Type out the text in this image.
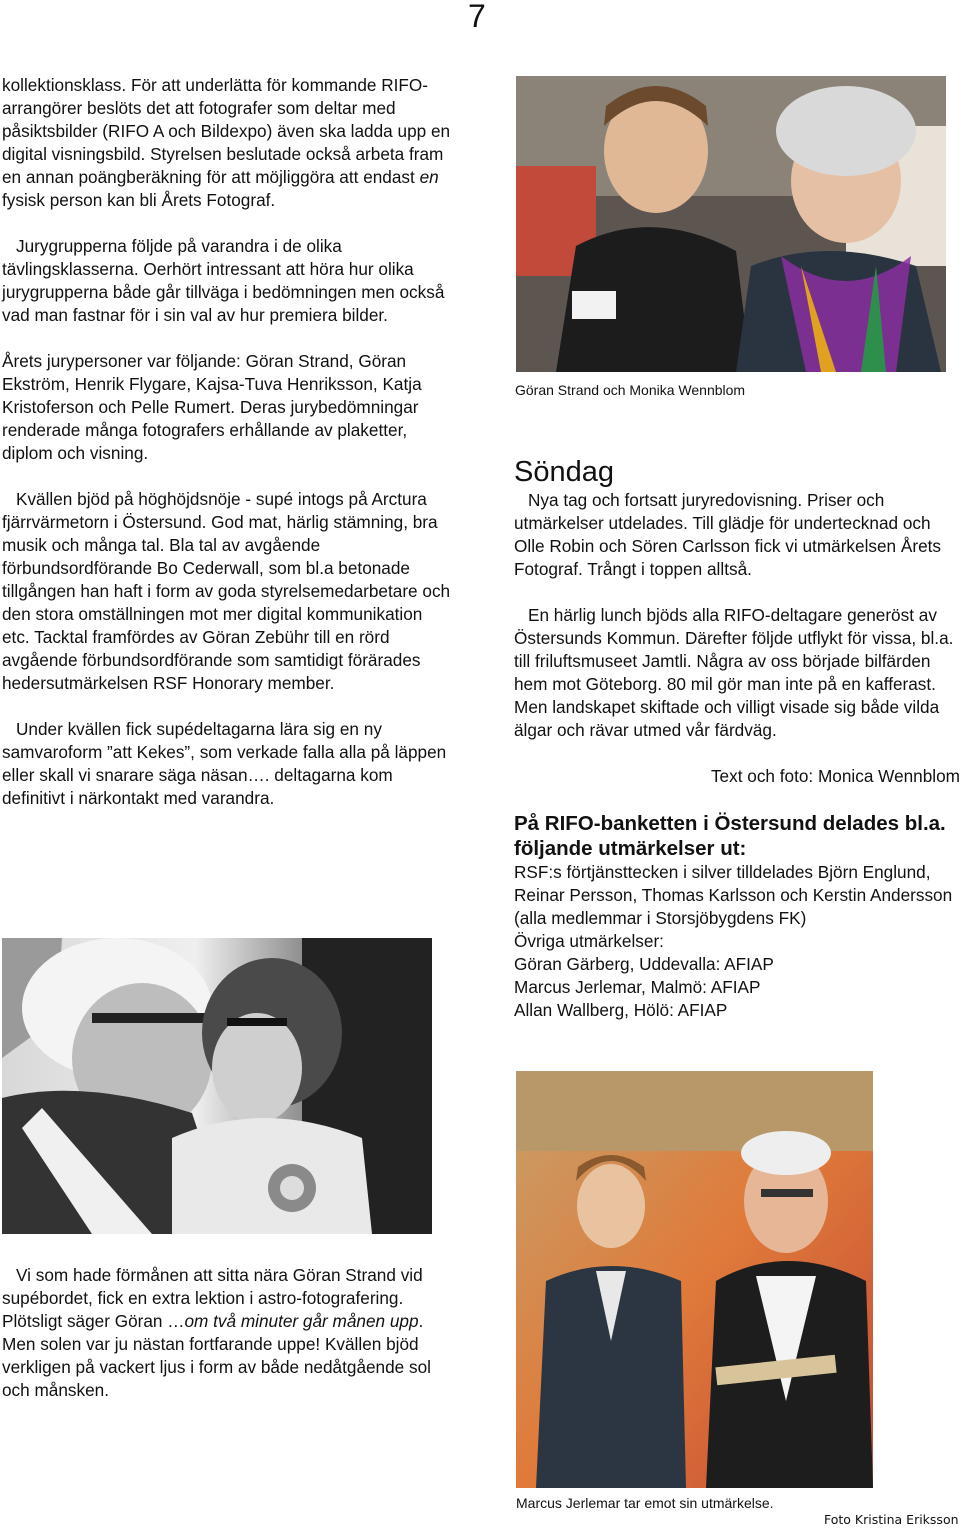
7

kollektionsklass. För att underlätta för kommande RIFO-arrangörer beslöts det att fotografer som deltar med påsiktsbilder (RIFO A och Bildexpo) även ska ladda upp en digital visningsbild. Styrelsen beslutade också arbeta fram en annan poängberäkning för att möjliggöra att endast en fysisk person kan bli Årets Fotograf.

Jurygrupperna följde på varandra i de olika tävlingsklasserna. Oerhört intressant att höra hur olika jurygrupperna både går tillväga i bedömningen men också vad man fastnar för i sin val av hur premiera bilder.

Årets jurypersoner var följande: Göran Strand, Göran Ekström, Henrik Flygare, Kajsa-Tuva Henriksson, Katja Kristoferson och Pelle Rumert. Deras jurybedömningar renderade många fotografers erhållande av plaketter, diplom och visning.

Kvällen bjöd på höghöjdsnöje - supé intogs på Arctura fjärrvärmetorn i Östersund. God mat, härlig stämning, bra musik och många tal. Bla tal av avgående förbundsordförande Bo Cederwall, som bl.a betonade tillgången han haft i form av goda styrelsemedarbetare och den stora omställningen mot mer digital kommunikation etc. Tacktal framfördes av Göran Zebühr till en rörd avgående förbundsordförande som samtidigt förärades hedersutmärkelsen RSF Honorary member.

Under kvällen fick supédeltagarna lära sig en ny samvaroform ”att Kekes”, som verkade falla alla på läppen eller skall vi snarare säga näsan…. deltagarna kom definitivt i närkontakt med varandra.

Vi som hade förmånen att sitta nära Göran Strand vid supébordet, fick en extra lektion i astro-fotografering. Plötsligt säger Göran …om två minuter går månen upp. Men solen var ju nästan fortfarande uppe! Kvällen bjöd verkligen på vackert ljus i form av både nedåtgående sol och månsken.

Göran Strand och Monika Wennblom
Söndag

Nya tag och fortsatt juryredovisning. Priser och utmärkelser utdelades. Till glädje för undertecknad och Olle Robin och Sören Carlsson fick vi utmärkelsen Årets Fotograf. Trångt i toppen alltså.

En härlig lunch bjöds alla RIFO-deltagare generöst av Östersunds Kommun. Därefter följde utflykt för vissa, bl.a. till friluftsmuseet Jamtli. Några av oss började bilfärden hem mot Göteborg. 80 mil gör man inte på en kafferast. Men landskapet skiftade och villigt visade sig både vilda älgar och rävar utmed vår färdväg.

Text och foto: Monica Wennblom

På RIFO-banketten i Östersund delades bl.a. följande utmärkelser ut:

RSF:s förtjänsttecken i silver tilldelades Björn Englund, Reinar Persson, Thomas Karlsson och Kerstin Andersson (alla medlemmar i Storsjöbygdens FK)

Övriga utmärkelser:

Göran Gärberg, Uddevalla: AFIAP

Marcus Jerlemar, Malmö: AFIAP

Allan Wallberg, Hölö: AFIAP

Marcus Jerlemar tar emot sin utmärkelse.
Foto Kristina Eriksson
